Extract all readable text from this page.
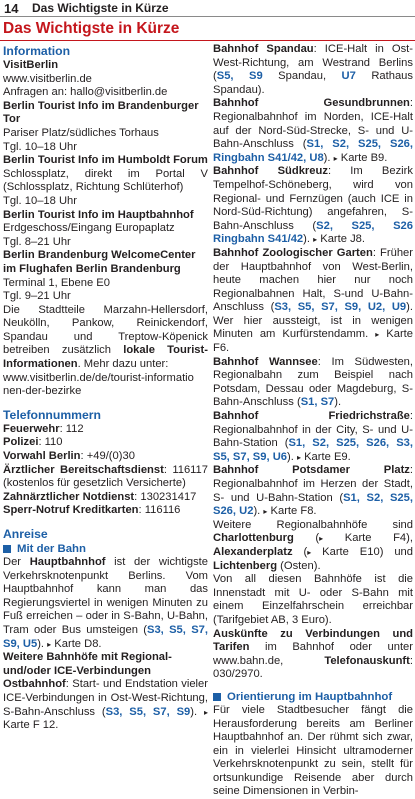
14 Das Wichtigste in Kürze
Das Wichtigste in Kürze
Information
VisitBerlin
www.visitberlin.de
Anfragen an: hallo@visitberlin.de
Berlin Tourist Info im Brandenburger Tor
Pariser Platz/südliches Torhaus
Tgl. 10–18 Uhr
Berlin Tourist Info im Humboldt Forum
Schlossplatz, direkt im Portal V (Schlossplatz, Richtung Schlüterhof)
Tgl. 10–18 Uhr
Berlin Tourist Info im Hauptbahnhof
Erdgeschoss/Eingang Europaplatz
Tgl. 8–21 Uhr
Berlin Brandenburg WelcomeCenter im Flughafen Berlin Brandenburg
Terminal 1, Ebene E0
Tgl. 9–21 Uhr
Die Stadtteile Marzahn-Hellersdorf, Neukölln, Pankow, Reinickendorf, Spandau und Treptow-Köpenick betreiben zusätzlich lokale Tourist-Informationen. Mehr dazu unter:
www.visitberlin.de/de/tourist-informatio
nen-der-bezirke
Telefonnummern
Feuerwehr: 112
Polizei: 110
Vorwahl Berlin: +49/(0)30
Ärztlicher Bereitschaftsdienst: 116117 (kostenlos für gesetzlich Versicherte)
Zahnärztlicher Notdienst: 130231417
Sperr-Notruf Kreditkarten: 116116
Anreise
Mit der Bahn
Der Hauptbahnhof ist der wichtigste Verkehrsknotenpunkt Berlins. Vom Hauptbahnhof kann man das Regierungsviertel in wenigen Minuten zu Fuß erreichen – oder in S-Bahn, U-Bahn, Tram oder Bus umsteigen (S3, S5, S7, S9, U5). ▸ Karte D8.
Weitere Bahnhöfe mit Regional- und/oder ICE-Verbindungen
Ostbahnhof: Start- und Endstation vieler ICE-Verbindungen in Ost-West-Richtung, S-Bahn-Anschluss (S3, S5, S7, S9). ▸ Karte F 12.
Bahnhof Spandau: ICE-Halt in Ost-West-Richtung, am Westrand Berlins (S5, S9 Spandau, U7 Rathaus Spandau).
Bahnhof Gesundbrunnen: Regionalbahnhof im Norden, ICE-Halt auf der Nord-Süd-Strecke, S- und U-Bahn-Anschluss (S1, S2, S25, S26, Ringbahn S41/42, U8). ▸ Karte B9.
Bahnhof Südkreuz: Im Bezirk Tempelhof-Schöneberg, wird von Regional- und Fernzügen (auch ICE in Nord-Süd-Richtung) angefahren, S-Bahn-Anschluss (S2, S25, S26 Ringbahn S41/42). ▸ Karte J8.
Bahnhof Zoologischer Garten: Früher der Hauptbahnhof von West-Berlin, heute machen hier nur noch Regionalbahnen Halt, S-und U-Bahn-Anschluss (S3, S5, S7, S9, U2, U9). Wer hier aussteigt, ist in wenigen Minuten am Kurfürstendamm. ▸ Karte F6.
Bahnhof Wannsee: Im Südwesten, Regionalbahn zum Beispiel nach Potsdam, Dessau oder Magdeburg, S-Bahn-Anschluss (S1, S7).
Bahnhof Friedrichstraße: Regionalbahnhof in der City, S- und U-Bahn-Station (S1, S2, S25, S26, S3, S5, S7, S9, U6). ▸ Karte E9.
Bahnhof Potsdamer Platz: Regionalbahnhof im Herzen der Stadt, S- und U-Bahn-Station (S1, S2, S25, S26, U2). ▸ Karte F8.
Weitere Regionalbahnhöfe sind Charlottenburg (▸ Karte F4), Alexanderplatz (▸ Karte E10) und Lichtenberg (Osten).
Von all diesen Bahnhöfe ist die Innenstadt mit U- oder S-Bahn mit einem Einzelfahrschein erreichbar (Tarifgebiet AB, 3 Euro).
Auskünfte zu Verbindungen und Tarifen im Bahnhof oder unter www.bahn.de, Telefonauskunft: 030/2970.
Orientierung im Hauptbahnhof
Für viele Stadtbesucher fängt die Herausforderung bereits am Berliner Hauptbahnhof an. Der rühmt sich zwar, ein in vielerlei Hinsicht ultramoderner Verkehrsknotenpunkt zu sein, stellt für ortsunkundige Reisende aber durch seine Dimensionen in Verbin-
